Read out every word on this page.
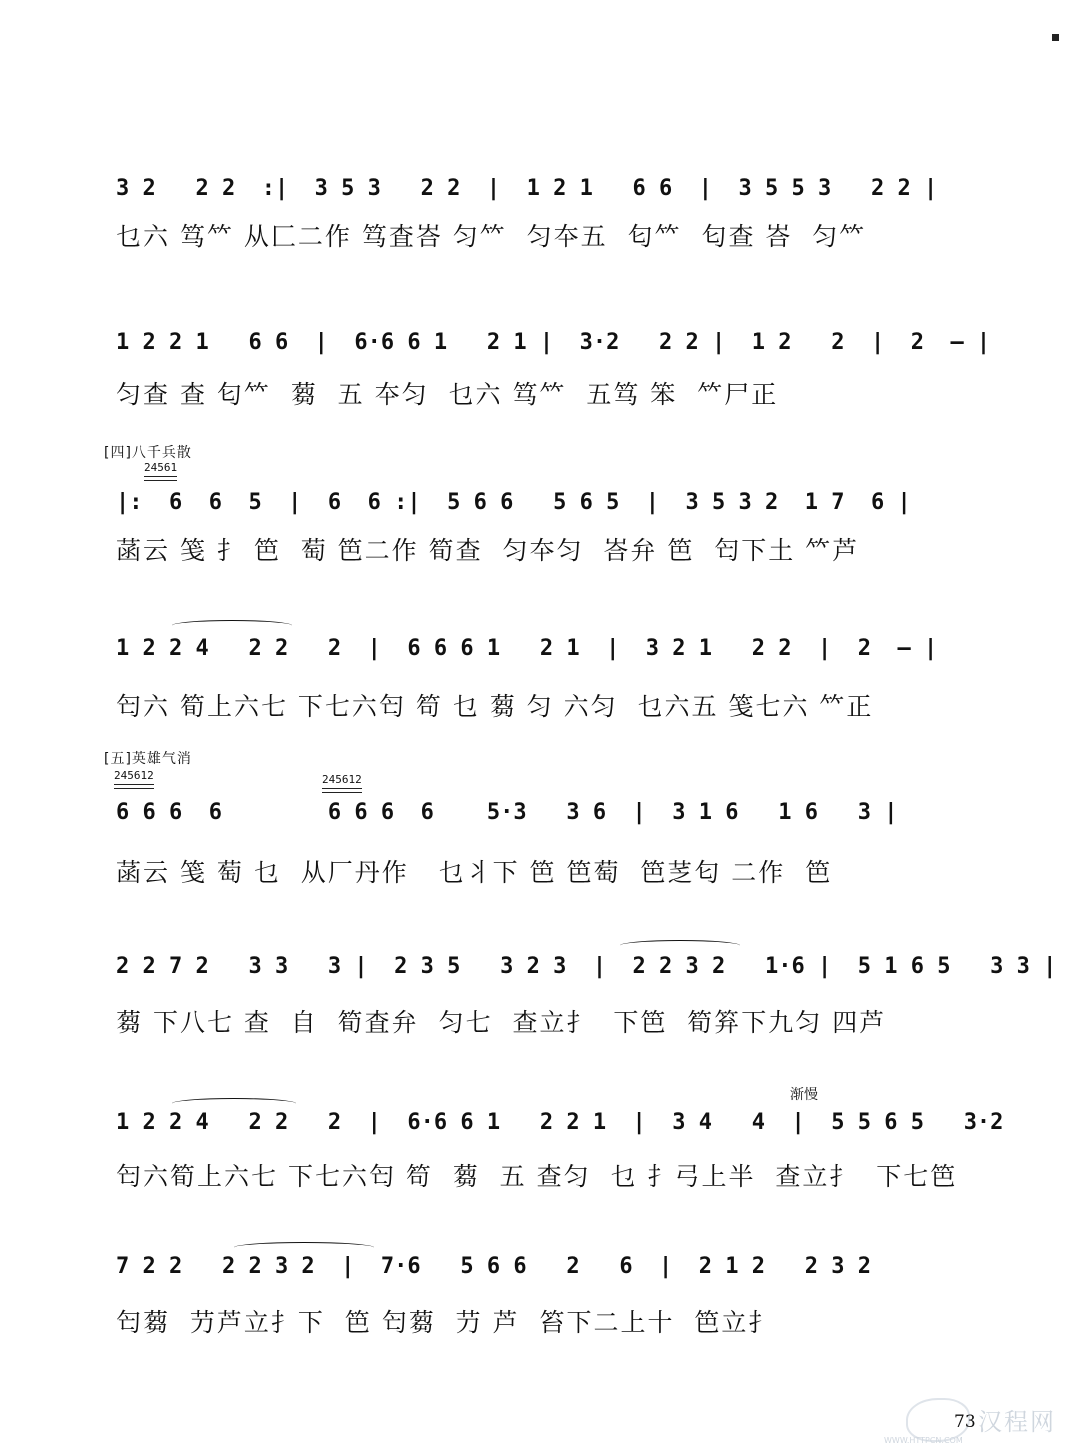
3 2   2 2  :|  3 5 3   2 2  |  1 2 1   6 6  |  3 5 5 3   2 2 |
乜六 笃𥫗 从匚二作 笃査峇 匀𥫗  匀夲五  匂𥫗  匂查 峇  匀𥫗
1 2 2 1   6 6  |  6·6 6 1   2 1 |  3·2   2 2 |  1 2   2  |  2  — |
匀查 查 匂𥫗  蒭  五 夲匀  乜六 笃𥫗  五笃 笨  𥫗尸正
[四]八千兵散
24561
|:  6  6  5  |  6  6 :|  5 6 6   5 6 5  |  3 5 3 2  1 7  6 |
菡云 笺 扌 笆  萄 笆二作 筍查  匀夲匀  峇弁 笆  匄下土 𥫗芦
1 2 2 4   2 2   2  |  6 6 6 1   2 1  |  3 2 1   2 2  |  2  — |
匄六 筍上六七 下七六匄 笱 乜 蒭 匀 六匀  乜六五 笺七六 𥫗正
[五]英雄气消
245612	245612
6 6 6  6        6 6 6  6    5·3   3 6  |  3 1 6   1 6   3 |
菡云 笺 萄 乜  从厂丹作   乜丬下 笆 笆萄  笆䒦匂 二作  笆
2 2 7 2   3 3   3 |  2 3 5   3 2 3  |  2 2 3 2   1·6 |  5 1 6 5   3 3 |
蒭 下八七 查  自  筍査弁  匀七  查立扌  下笆  筍笲下九匀 四芦
渐慢
1 2 2 4   2 2   2  |  6·6 6 1   2 2 1  |  3 4   4  |  5 5 6 5   3·2
匄六筍上六七 下七六匄 笱  蒭  五 查匀  乜 扌弓上半  查立扌  下七笆
7 2 2   2 2 3 2  |  7·6   5 6 6   2   6  |  2 1 2   2 3 2
匄蒭  芀芦立扌下  笆 匄蒭  芀 芦  笞下二上十  笆立扌
73 汉程网
WWW.HTTPCN.COM
